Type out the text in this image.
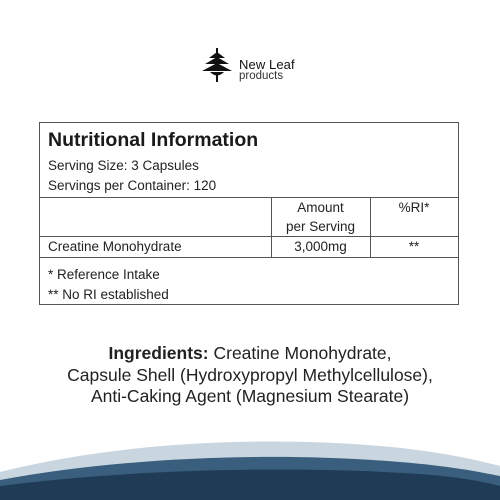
New Leaf
products
Nutritional Information
Serving Size: 3 Capsules
Servings per Container: 120
Amount
per Serving
%RI*
Creatine Monohydrate	3,000mg	**
* Reference Intake
** No RI established
Ingredients: Creatine Monohydrate,
Capsule Shell (Hydroxypropyl Methylcellulose),
Anti-Caking Agent (Magnesium Stearate)
